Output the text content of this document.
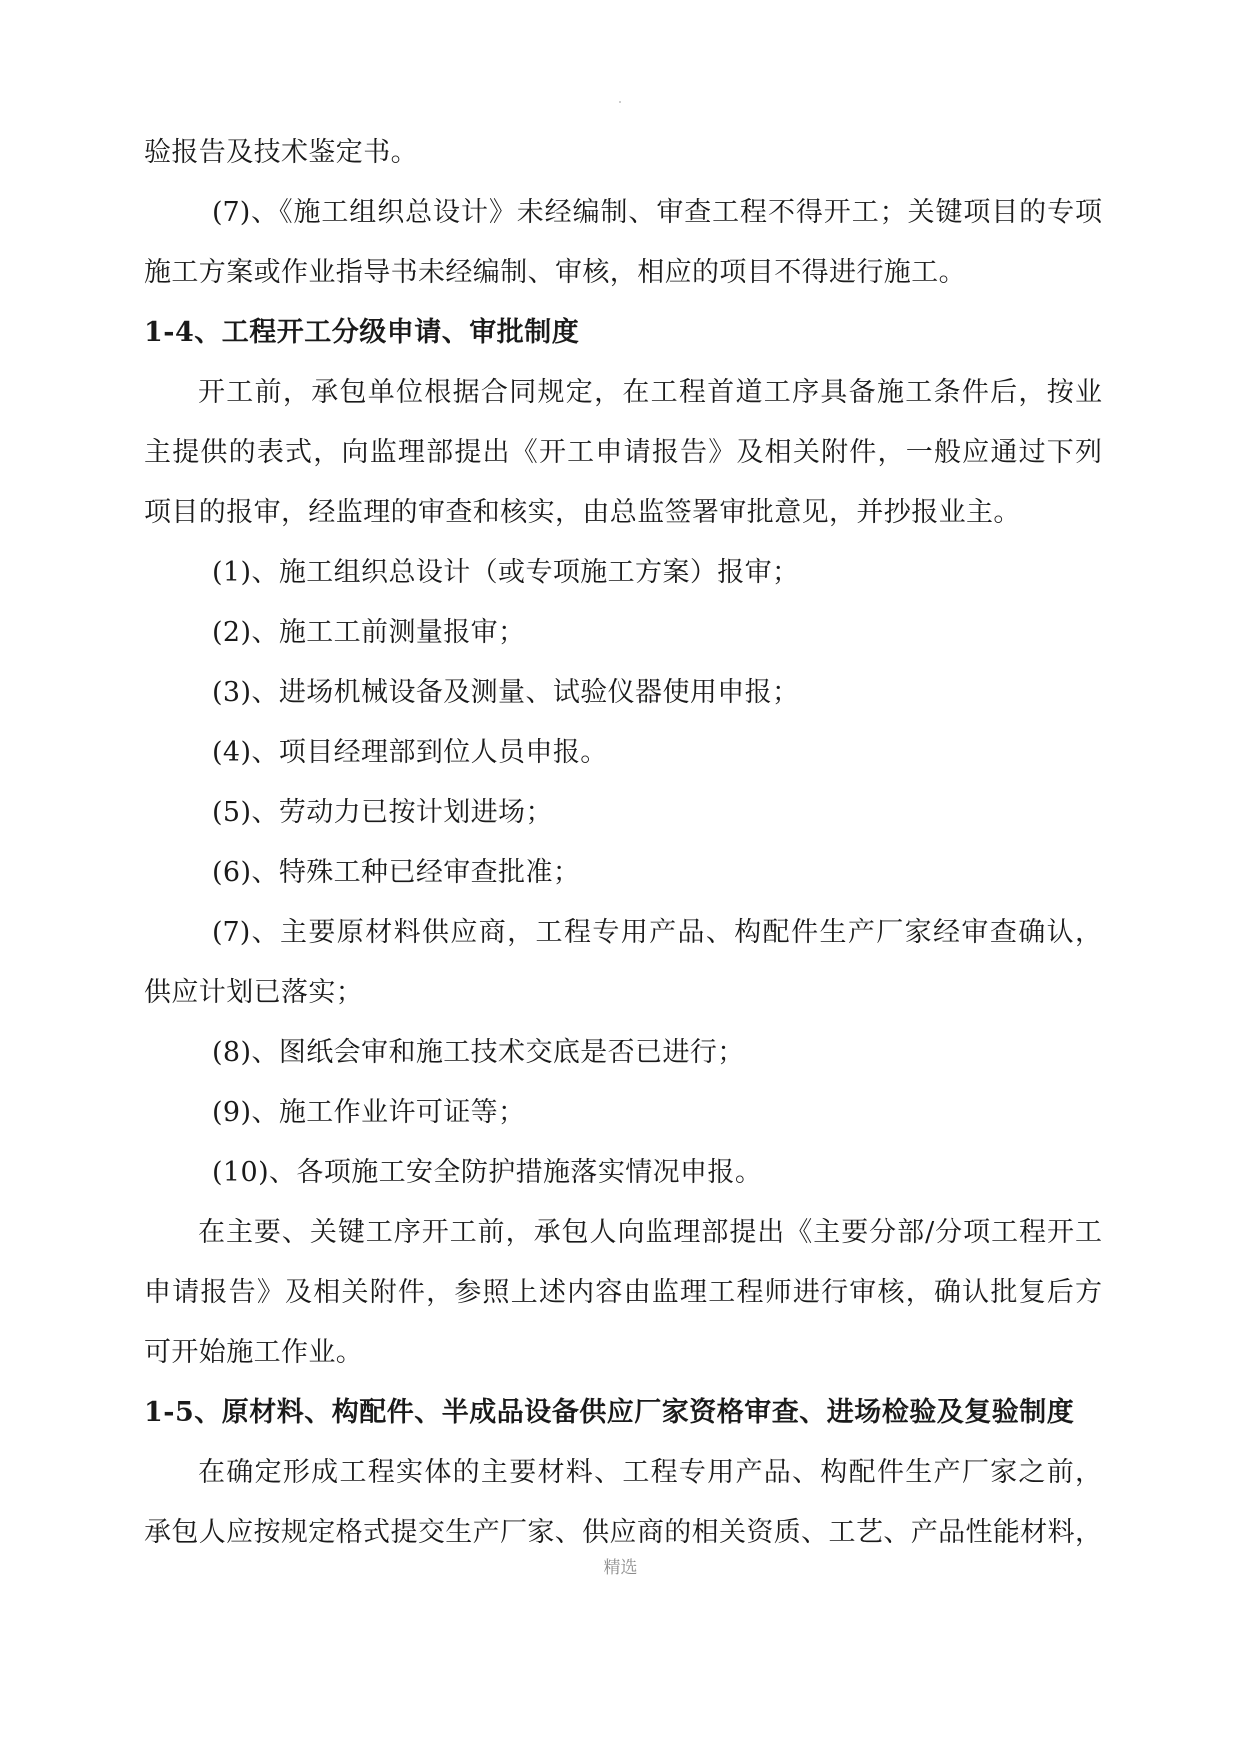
验报告及技术鉴定书。
(7)、《施工组织总设计》未经编制、审查工程不得开工；关键项目的专项
施工方案或作业指导书未经编制、审核，相应的项目不得进行施工。
1-4、工程开工分级申请、审批制度
开工前，承包单位根据合同规定，在工程首道工序具备施工条件后，按业
主提供的表式，向监理部提出《开工申请报告》及相关附件，一般应通过下列
项目的报审，经监理的审查和核实，由总监签署审批意见，并抄报业主。
(1)、施工组织总设计（或专项施工方案）报审；
(2)、施工工前测量报审；
(3)、进场机械设备及测量、试验仪器使用申报；
(4)、项目经理部到位人员申报。
(5)、劳动力已按计划进场；
(6)、特殊工种已经审查批准；
(7)、主要原材料供应商，工程专用产品、构配件生产厂家经审查确认，
供应计划已落实；
(8)、图纸会审和施工技术交底是否已进行；
(9)、施工作业许可证等；
(10)、各项施工安全防护措施落实情况申报。
在主要、关键工序开工前，承包人向监理部提出《主要分部/分项工程开工
申请报告》及相关附件，参照上述内容由监理工程师进行审核，确认批复后方
可开始施工作业。
1-5、原材料、构配件、半成品设备供应厂家资格审查、进场检验及复验制度
在确定形成工程实体的主要材料、工程专用产品、构配件生产厂家之前，
承包人应按规定格式提交生产厂家、供应商的相关资质、工艺、产品性能材料，
精选
